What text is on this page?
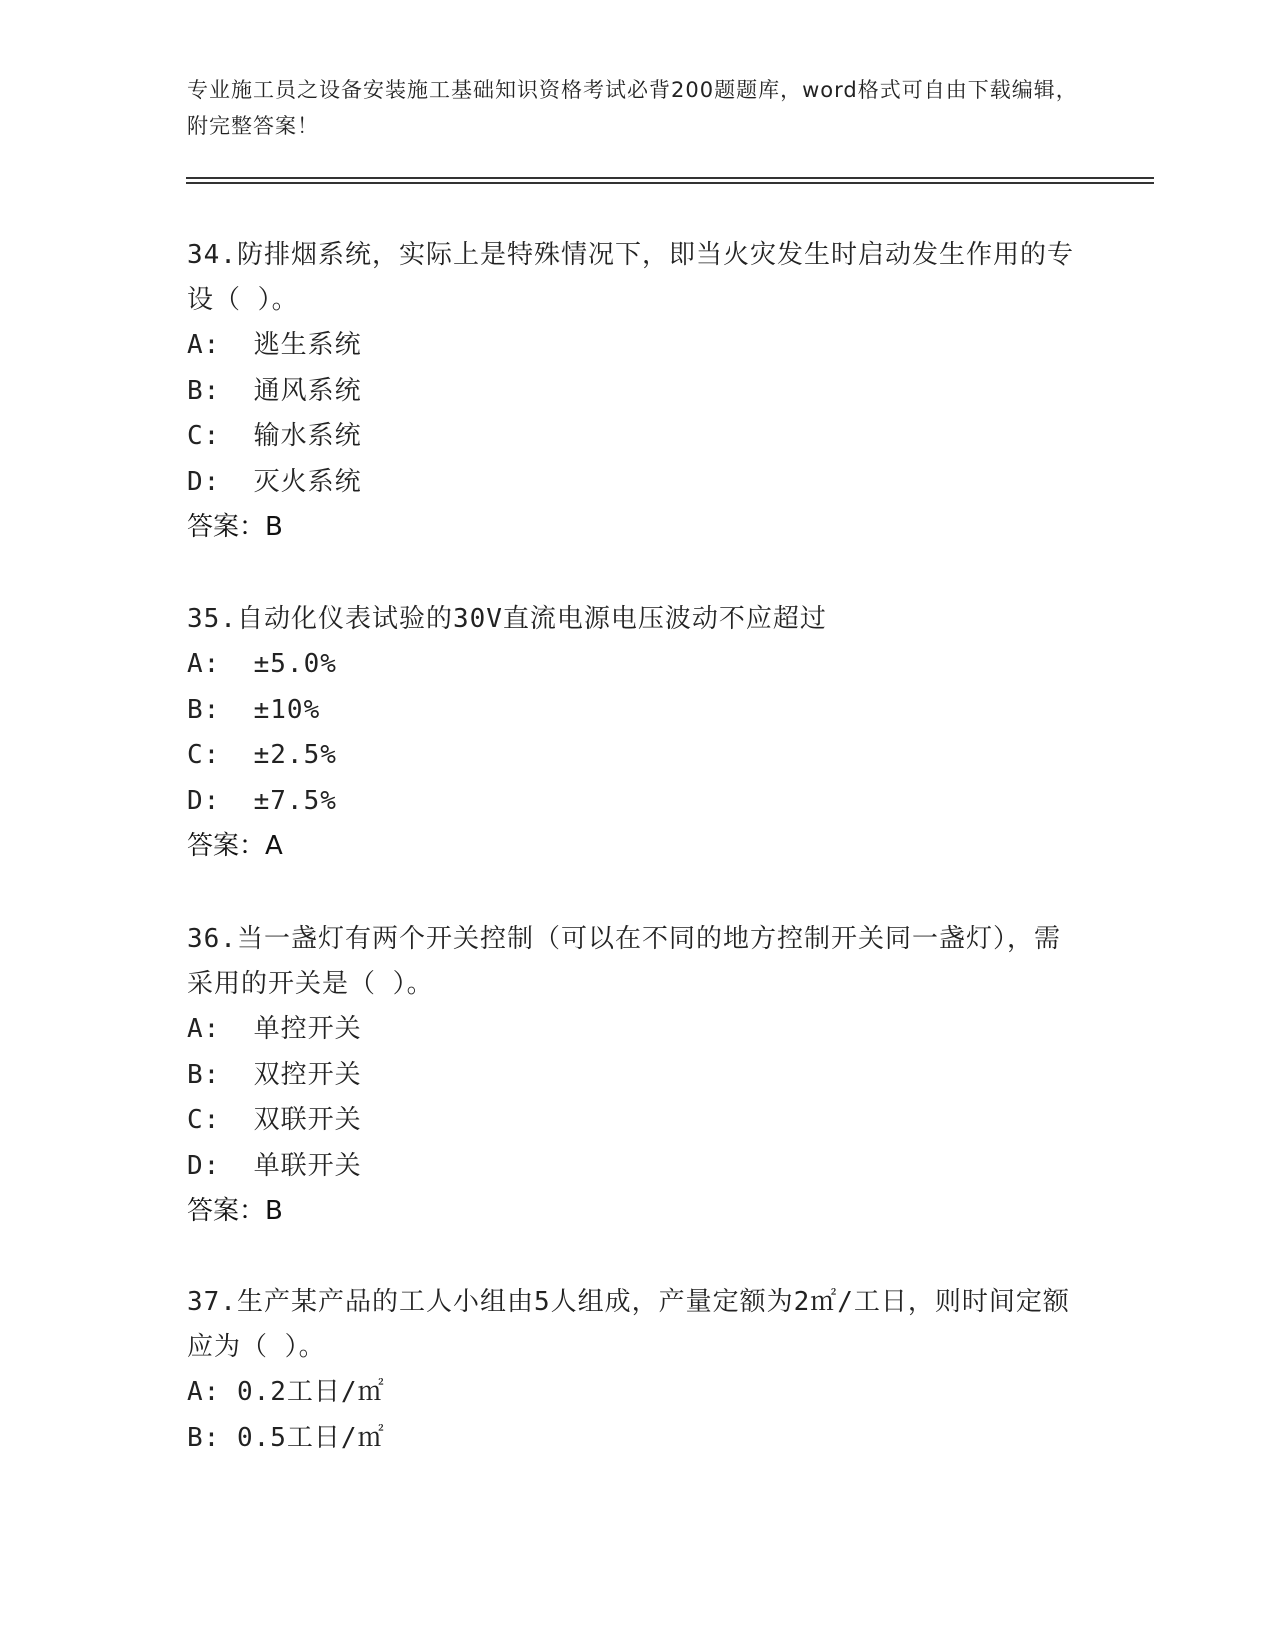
专业施工员之设备安装施工基础知识资格考试必背200题题库，word格式可自由下载编辑，附完整答案！
34.防排烟系统，实际上是特殊情况下，即当火灾发生时启动发生作用的专设（ ）。
A:  逃生系统
B:  通风系统
C:  输水系统
D:  灭火系统
答案：B
35.自动化仪表试验的30V直流电源电压波动不应超过
A:  ±5.0%
B:  ±10%
C:  ±2.5%
D:  ±7.5%
答案：A
36.当一盏灯有两个开关控制（可以在不同的地方控制开关同一盏灯），需采用的开关是（ ）。
A:  单控开关
B:  双控开关
C:  双联开关
D:  单联开关
答案：B
37.生产某产品的工人小组由5人组成，产量定额为2㎡/工日，则时间定额应为（ ）。
A: 0.2工日/㎡
B: 0.5工日/㎡
